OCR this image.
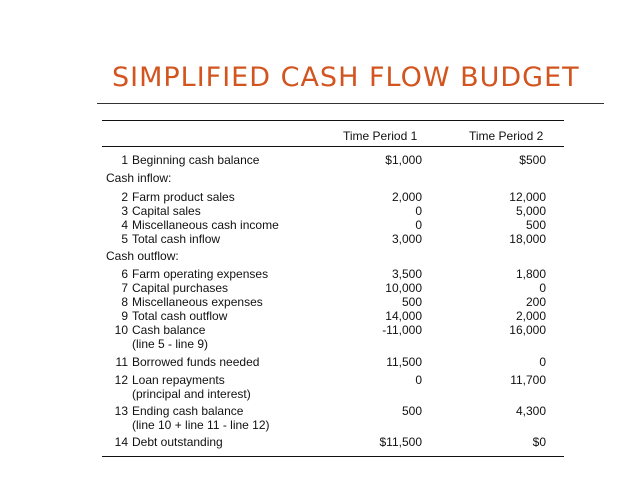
SIMPLIFIED CASH FLOW BUDGET
Time Period 1	Time Period 2
1 Beginning cash balance	$1,000	$500
Cash inflow:
2 Farm product sales	2,000	12,000
3 Capital sales	0	5,000
4 Miscellaneous cash income	0	500
5 Total cash inflow	3,000	18,000
Cash outflow:
6 Farm operating expenses	3,500	1,800
7 Capital purchases	10,000	0
8 Miscellaneous expenses	500	200
9 Total cash outflow	14,000	2,000
10 Cash balance
(line 5 - line 9)
-11,000	16,000
11 Borrowed funds needed	11,500	0
12 Loan repayments
(principal and interest)
0	11,700
13 Ending cash balance
(line 10 + line 11 - line 12)
500	4,300
14 Debt outstanding	$11,500	$0
